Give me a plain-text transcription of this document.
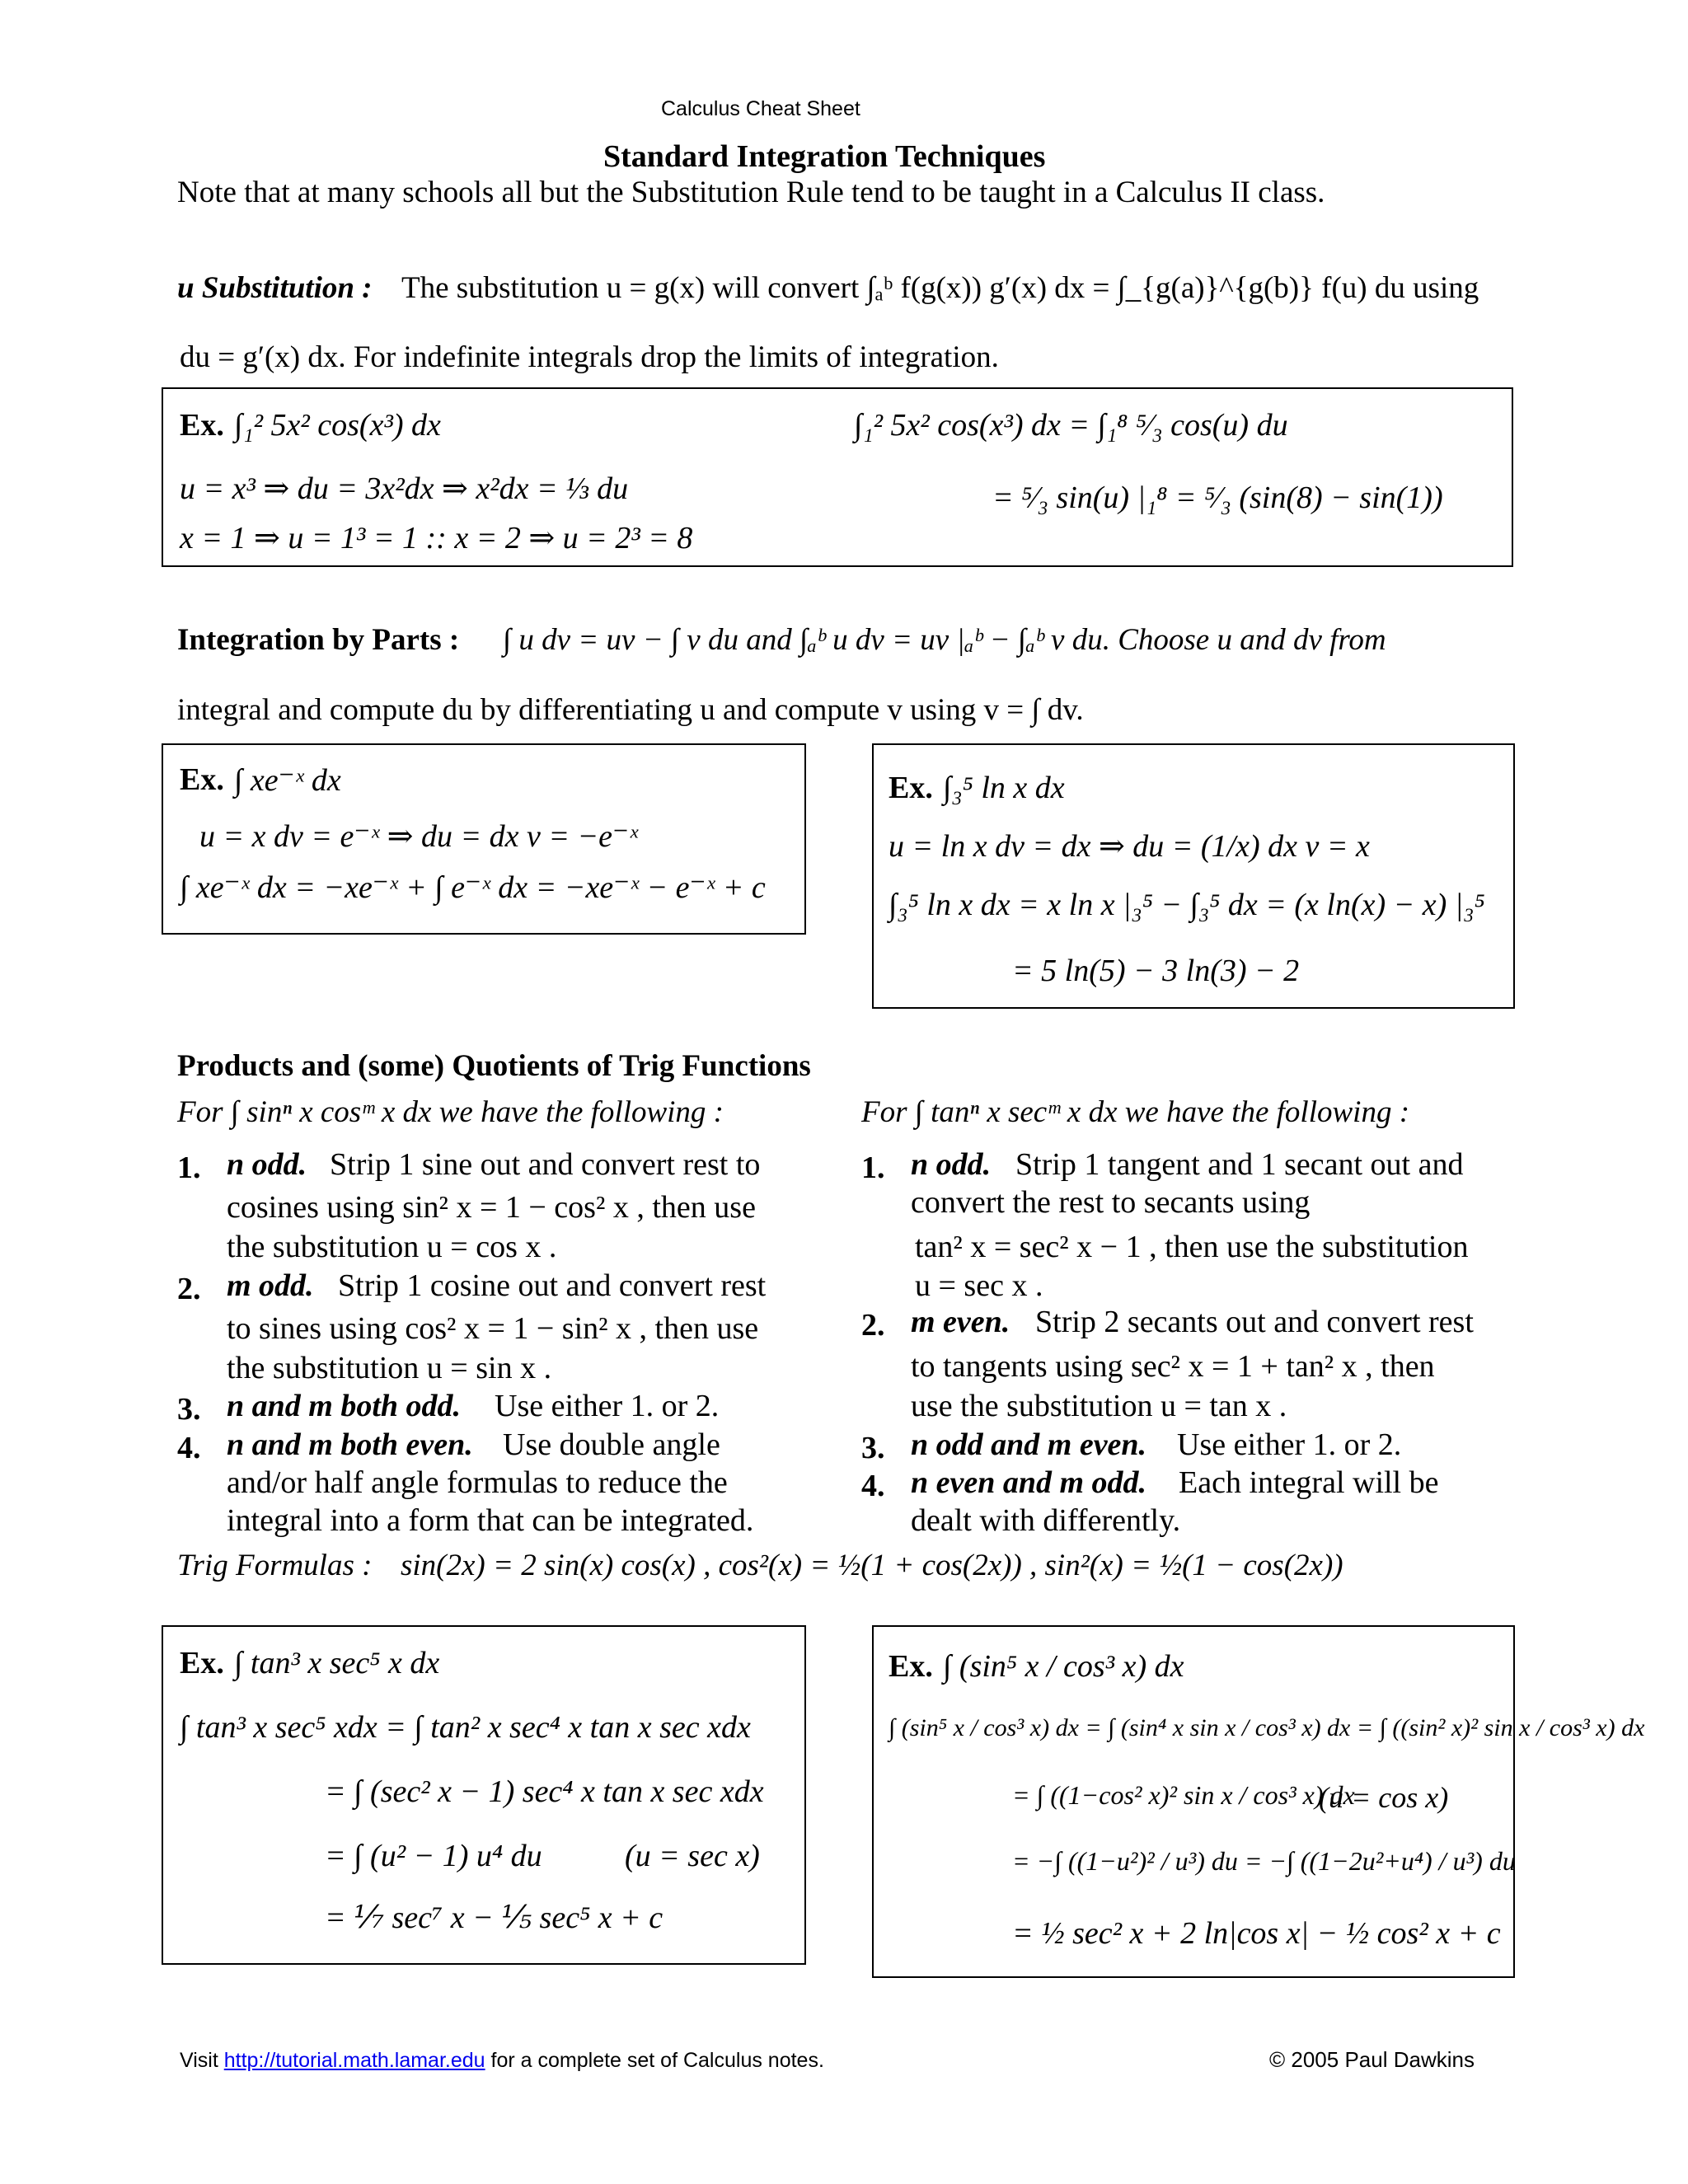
Calculus Cheat Sheet
Standard Integration Techniques
Note that at many schools all but the Substitution Rule tend to be taught in a Calculus II class.
u Substitution : The substitution u = g(x) will convert ∫ₐᵇ f(g(x)) g′(x) dx = ∫_{g(a)}^{g(b)} f(u) du using
du = g′(x) dx. For indefinite integrals drop the limits of integration.
Ex. ∫₁² 5x² cos(x³) dx
u = x³ ⇒ du = 3x²dx ⇒ x²dx = ⅓ du
x = 1 ⇒ u = 1³ = 1 :: x = 2 ⇒ u = 2³ = 8
∫₁² 5x² cos(x³) dx = ∫₁⁸ ⁵⁄₃ cos(u) du
= ⁵⁄₃ sin(u) |₁⁸ = ⁵⁄₃ (sin(8) − sin(1))
Integration by Parts : ∫ u dv = uv − ∫ v du and ∫ₐᵇ u dv = uv |ₐᵇ − ∫ₐᵇ v du. Choose u and dv from
integral and compute du by differentiating u and compute v using v = ∫ dv.
Ex. ∫ xe⁻ˣ dx
u = x dv = e⁻ˣ ⇒ du = dx v = −e⁻ˣ
∫ xe⁻ˣ dx = −xe⁻ˣ + ∫ e⁻ˣ dx = −xe⁻ˣ − e⁻ˣ + c
Ex. ∫₃⁵ ln x dx
u = ln x dv = dx ⇒ du = (1/x) dx v = x
∫₃⁵ ln x dx = x ln x |₃⁵ − ∫₃⁵ dx = (x ln(x) − x) |₃⁵
= 5 ln(5) − 3 ln(3) − 2
Products and (some) Quotients of Trig Functions
For ∫ sinⁿ x cosᵐ x dx we have the following :	For ∫ tanⁿ x secᵐ x dx we have the following :
1. n odd. Strip 1 sine out and convert rest to
cosines using sin² x = 1 − cos² x , then use
the substitution u = cos x .
2. m odd. Strip 1 cosine out and convert rest
to sines using cos² x = 1 − sin² x , then use
the substitution u = sin x .
3. n and m both odd. Use either 1. or 2.
4. n and m both even. Use double angle
and/or half angle formulas to reduce the
integral into a form that can be integrated.
1. n odd. Strip 1 tangent and 1 secant out and
convert the rest to secants using
tan² x = sec² x − 1 , then use the substitution
u = sec x .
2. m even. Strip 2 secants out and convert rest
to tangents using sec² x = 1 + tan² x , then
use the substitution u = tan x .
3. n odd and m even. Use either 1. or 2.
4. n even and m odd. Each integral will be
dealt with differently.
Trig Formulas : sin(2x) = 2 sin(x) cos(x) , cos²(x) = ½(1 + cos(2x)) , sin²(x) = ½(1 − cos(2x))
Ex. ∫ tan³ x sec⁵ x dx
∫ tan³ x sec⁵ xdx = ∫ tan² x sec⁴ x tan x sec xdx
= ∫ (sec² x − 1) sec⁴ x tan x sec xdx
= ∫ (u² − 1) u⁴ du	(u = sec x)
= ⅐ sec⁷ x − ⅕ sec⁵ x + c
Ex. ∫ (sin⁵ x / cos³ x) dx
∫ (sin⁵ x / cos³ x) dx = ∫ (sin⁴ x sin x / cos³ x) dx = ∫ ((sin² x)² sin x / cos³ x) dx
= ∫ ((1−cos² x)² sin x / cos³ x) dx
(u = cos x)
= −∫ ((1−u²)² / u³) du = −∫ ((1−2u²+u⁴) / u³) du
= ½ sec² x + 2 ln|cos x| − ½ cos² x + c
Visit http://tutorial.math.lamar.edu for a complete set of Calculus notes.	© 2005 Paul Dawkins
